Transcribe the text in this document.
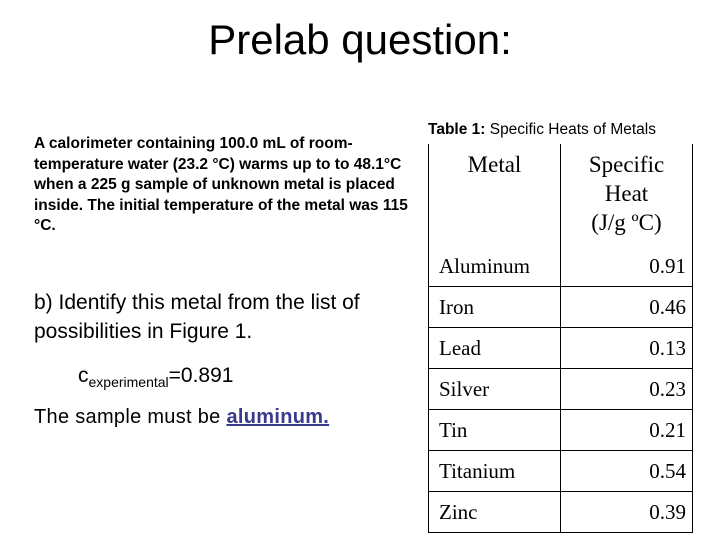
Prelab question:
A calorimeter containing 100.0 mL of room-temperature water (23.2 °C) warms up to to 48.1°C when a 225 g sample of unknown metal is placed inside. The initial temperature of the metal was 115 °C.
b) Identify this metal from the list of possibilities in Figure 1.
$c_{experimental}=0.891$
The sample must be aluminum.
Table 1: Specific Heats of Metals
Metal	Specific
Heat
(J/g ºC)

Aluminum	0.91
Iron	0.46
Lead	0.13
Silver	0.23
Tin	0.21
Titanium	0.54
Zinc	0.39
